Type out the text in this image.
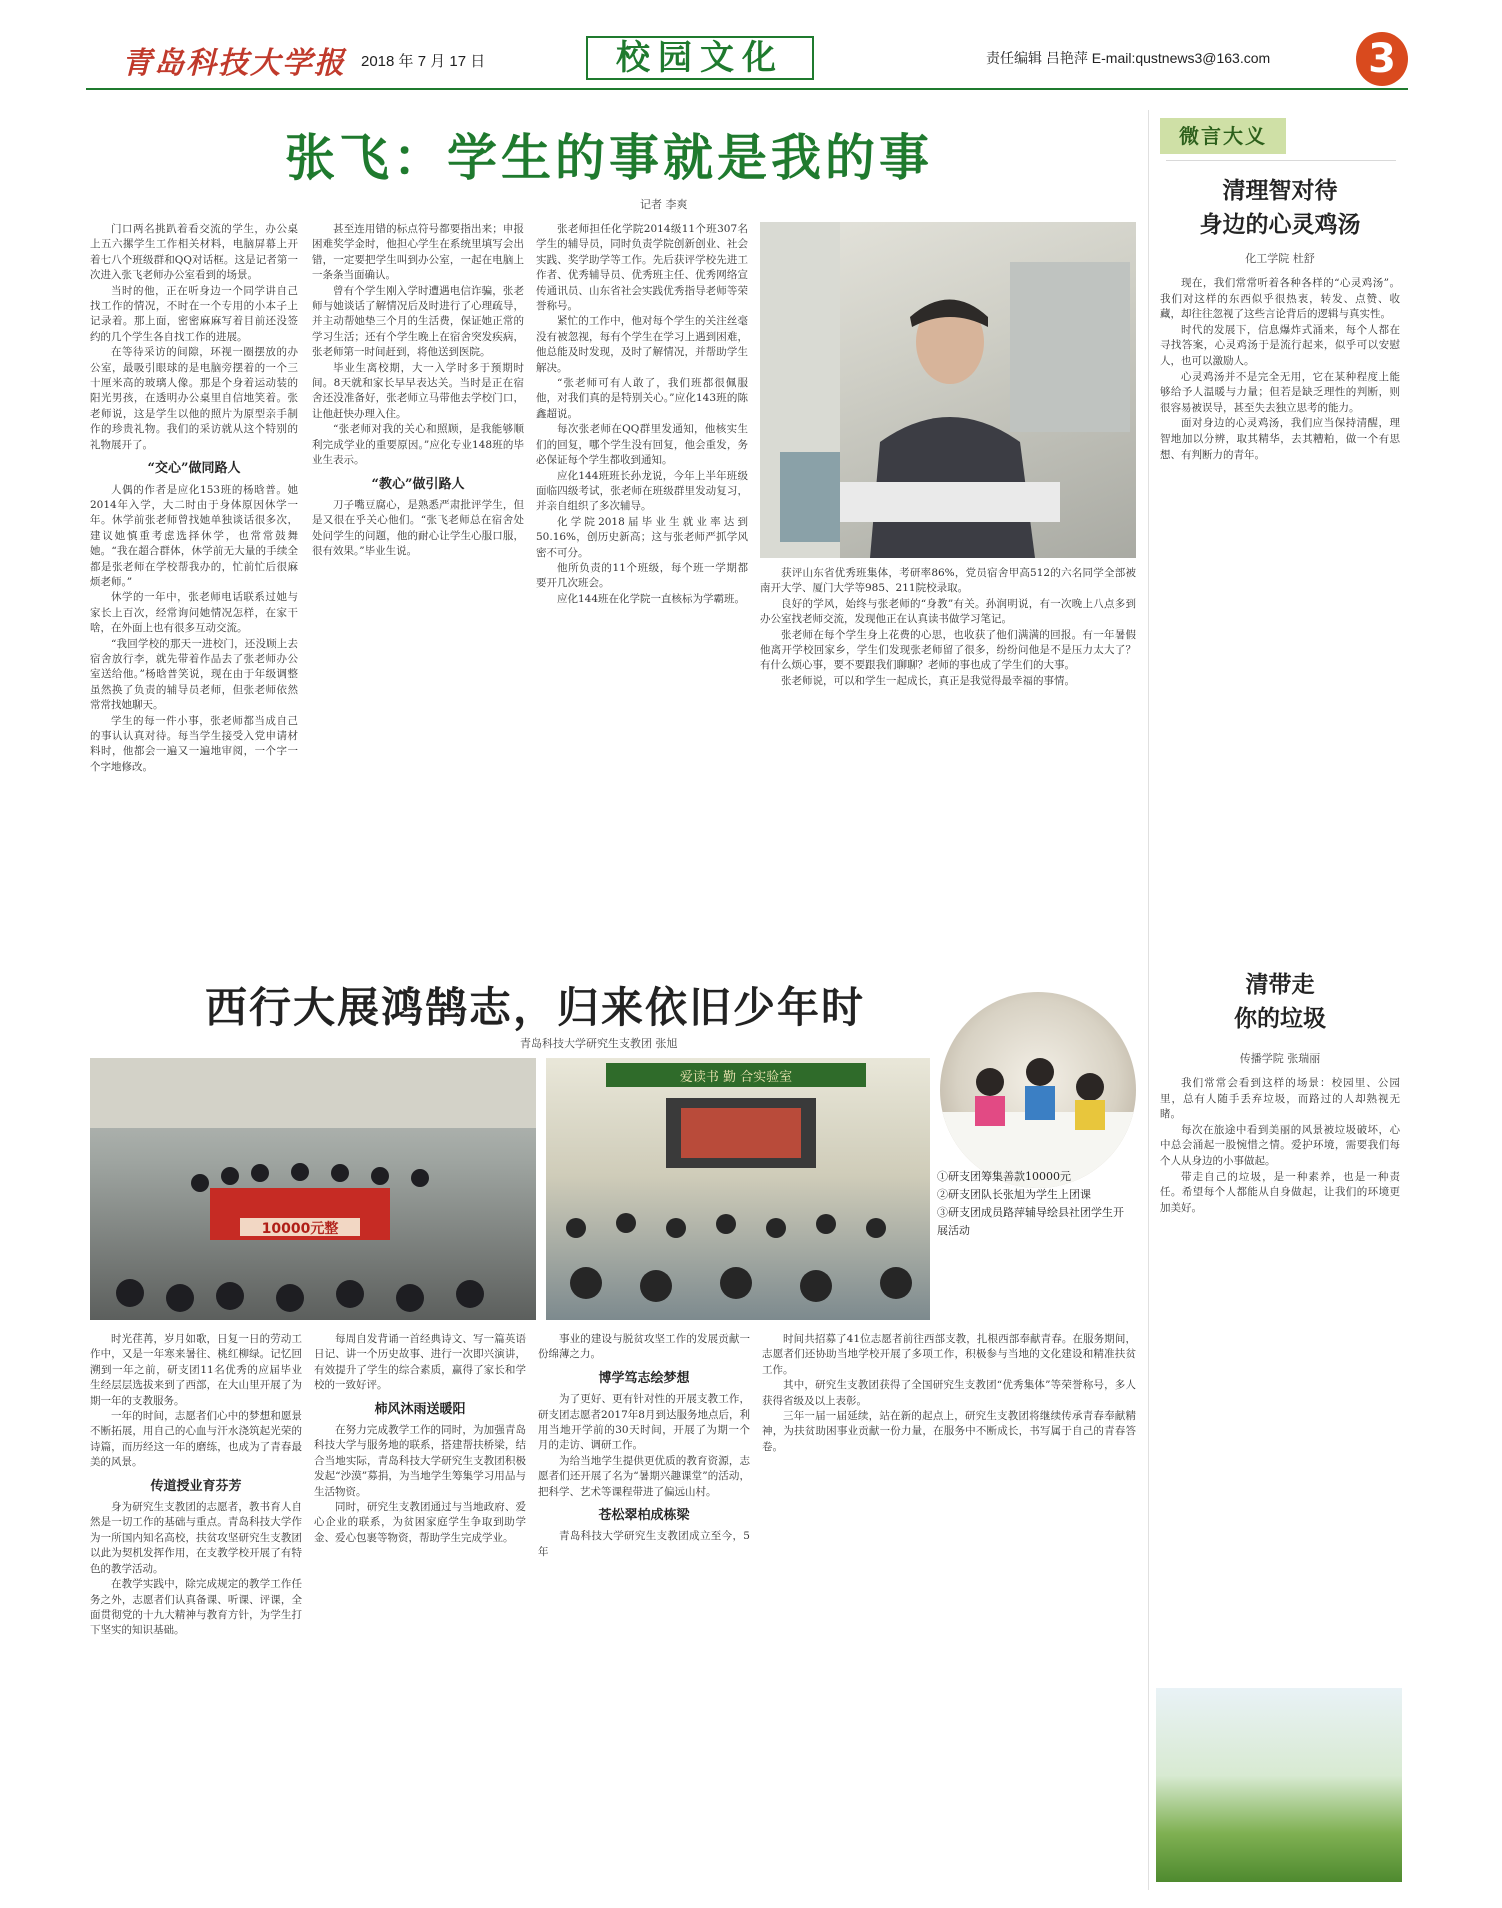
青岛科技大学报 2018 年 7 月 17 日	校园文化	责任编辑 吕艳萍 E-mail:qustnews3@163.com	3
张飞：学生的事就是我的事
记者 李爽

门口两名挑趴着看交流的学生，办公桌上五六摞学生工作相关材料，电脑屏幕上开着七八个班级群和QQ对话框。这是记者第一次进入张飞老师办公室看到的场景。

当时的他，正在听身边一个同学讲自己找工作的情况，不时在一个专用的小本子上记录着。那上面，密密麻麻写着目前还没签约的几个学生各自找工作的进展。

在等待采访的间隙，环视一圈摆放的办公室，最吸引眼球的是电脑旁摆着的一个三十厘米高的玻璃人像。那是个身着运动装的阳光男孩，在透明办公桌里自信地笑着。张老师说，这是学生以他的照片为原型亲手制作的珍贵礼物。我们的采访就从这个特别的礼物展开了。

“交心”做同路人

人偶的作者是应化153班的杨晗普。她2014年入学，大二时由于身体原因休学一年。休学前张老师曾找她单独谈话很多次，建议她慎重考虑选择休学，也常常鼓舞她。“我在超合群体，休学前无大量的手续全都是张老师在学校帮我办的，忙前忙后很麻烦老师。”

休学的一年中，张老师电话联系过她与家长上百次，经常询问她情况怎样，在家干啥，在外面上也有很多互动交流。

“我回学校的那天一进校门，还没顾上去宿舍放行李，就先带着作品去了张老师办公室送给他。”杨晗普笑说，现在由于年级调整虽然换了负责的辅导员老师，但张老师依然常常找她聊天。

学生的每一件小事，张老师都当成自己的事认认真对待。每当学生接受入党申请材料时，他都会一遍又一遍地审阅，一个字一个字地修改。

甚至连用错的标点符号都要指出来；申报困难奖学金时，他担心学生在系统里填写会出错，一定要把学生叫到办公室，一起在电脑上一条条当面确认。

曾有个学生刚入学时遭遇电信诈骗，张老师与她谈话了解情况后及时进行了心理疏导，并主动帮她垫三个月的生活费，保证她正常的学习生活；还有个学生晚上在宿舍突发疾病，张老师第一时间赶到，将他送到医院。

毕业生离校期，大一入学时多于预期时间。8天就和家长早早表达关。当时是正在宿舍还没准备好，张老师立马带他去学校门口，让他赶快办理入住。

“张老师对我的关心和照顾，是我能够顺利完成学业的重要原因。”应化专业148班的毕业生表示。

“教心”做引路人

刀子嘴豆腐心，是熟悉严肃批评学生，但是又很在乎关心他们。“张飞老师总在宿舍处处问学生的问题，他的耐心让学生心服口服，很有效果。”毕业生说。

张老师担任化学院2014级11个班307名学生的辅导员，同时负责学院创新创业、社会实践、奖学助学等工作。先后获评学校先进工作者、优秀辅导员、优秀班主任、优秀网络宣传通讯员、山东省社会实践优秀指导老师等荣誉称号。

紧忙的工作中，他对每个学生的关注丝毫没有被忽视，每有个学生在学习上遇到困难，他总能及时发现，及时了解情况，并帮助学生解决。

“张老师可有人敢了，我们班都很佩服他，对我们真的是特别关心。”应化143班的陈鑫超说。

每次张老师在QQ群里发通知，他核实生们的回复，哪个学生没有回复，他会重发，务必保证每个学生都收到通知。

应化144班班长孙龙说，今年上半年班级面临四级考试，张老师在班级群里发动复习，并亲自组织了多次辅导。

化学院2018届毕业生就业率达到50.16%，创历史新高；这与张老师严抓学风密不可分。

他所负责的11个班级，每个班一学期都要开几次班会。

应化144班在化学院一直核标为学霸班。

获评山东省优秀班集体，考研率86%，党员宿舍甲高512的六名同学全部被南开大学、厦门大学等985、211院校录取。

良好的学风，始终与张老师的“身教”有关。孙润明说，有一次晚上八点多到办公室找老师交流，发现他正在认真读书做学习笔记。

张老师在每个学生身上花费的心思，也收获了他们满满的回报。有一年暑假他离开学校回家乡，学生们发现张老师留了很多，纷纷问他是不是压力太大了？有什么烦心事，要不要跟我们聊聊？老师的事也成了学生们的大事。

张老师说，可以和学生一起成长，真正是我觉得最幸福的事情。

西行大展鸿鹄志，归来依旧少年时
青岛科技大学研究生支教团 张旭
10000元整
爱读书 勤 合实验室
①研支团筹集善款10000元
②研支团队长张旭为学生上团课
③研支团成员路萍辅导绘县社团学生开展活动

时光荏苒，岁月如歌，日复一日的劳动工作中，又是一年寒来暑往、桃红柳绿。记忆回溯到一年之前，研支团11名优秀的应届毕业生经层层选拔来到了西部，在大山里开展了为期一年的支教服务。

一年的时间，志愿者们心中的梦想和愿景不断拓展，用自己的心血与汗水浇筑起光荣的诗篇，而历经这一年的磨练，也成为了青春最美的风景。

传道授业育芬芳

身为研究生支教团的志愿者，教书育人自然是一切工作的基础与重点。青岛科技大学作为一所国内知名高校，扶贫攻坚研究生支教团以此为契机发挥作用，在支教学校开展了有特色的教学活动。

在教学实践中，除完成规定的教学工作任务之外，志愿者们认真备课、听课、评课，全面贯彻党的十九大精神与教育方针，为学生打下坚实的知识基础。

每周自发背诵一首经典诗文、写一篇英语日记、讲一个历史故事、进行一次即兴演讲，有效提升了学生的综合素质，赢得了家长和学校的一致好评。

柿风沐雨送暖阳

在努力完成教学工作的同时，为加强青岛科技大学与服务地的联系，搭建帮扶桥梁，结合当地实际，青岛科技大学研究生支教团积极发起“沙漠”募捐，为当地学生筹集学习用品与生活物资。

同时，研究生支教团通过与当地政府、爱心企业的联系，为贫困家庭学生争取到助学金、爱心包裹等物资，帮助学生完成学业。

事业的建设与脱贫攻坚工作的发展贡献一份绵薄之力。

博学笃志绘梦想

为了更好、更有针对性的开展支教工作，研支团志愿者2017年8月到达服务地点后，利用当地开学前的30天时间，开展了为期一个月的走访、调研工作。

为给当地学生提供更优质的教育资源，志愿者们还开展了名为“暑期兴趣课堂”的活动，把科学、艺术等课程带进了偏远山村。

苍松翠柏成栋梁

青岛科技大学研究生支教团成立至今，5年

时间共招募了41位志愿者前往西部支教，扎根西部奉献青春。在服务期间，志愿者们还协助当地学校开展了多项工作，积极参与当地的文化建设和精准扶贫工作。

其中，研究生支教团获得了全国研究生支教团“优秀集体”等荣誉称号，多人获得省级及以上表彰。

三年一届一届延续，站在新的起点上，研究生支教团将继续传承青春奉献精神，为扶贫助困事业贡献一份力量，在服务中不断成长，书写属于自己的青春答卷。

微言大义
清理智对待
身边的心灵鸡汤
化工学院 杜舒

现在，我们常常听着各种各样的“心灵鸡汤”。我们对这样的东西似乎很热衷，转发、点赞、收藏，却往往忽视了这些言论背后的逻辑与真实性。

时代的发展下，信息爆炸式涌来，每个人都在寻找答案，心灵鸡汤于是流行起来，似乎可以安慰人，也可以激励人。

心灵鸡汤并不是完全无用，它在某种程度上能够给予人温暖与力量；但若是缺乏理性的判断，则很容易被误导，甚至失去独立思考的能力。

面对身边的心灵鸡汤，我们应当保持清醒，理智地加以分辨，取其精华，去其糟粕，做一个有思想、有判断力的青年。

清带走
你的垃圾
传播学院 张瑞丽

我们常常会看到这样的场景：校园里、公园里，总有人随手丢弃垃圾，而路过的人却熟视无睹。

每次在旅途中看到美丽的风景被垃圾破坏，心中总会涌起一股惋惜之情。爱护环境，需要我们每个人从身边的小事做起。

带走自己的垃圾，是一种素养，也是一种责任。希望每个人都能从自身做起，让我们的环境更加美好。
